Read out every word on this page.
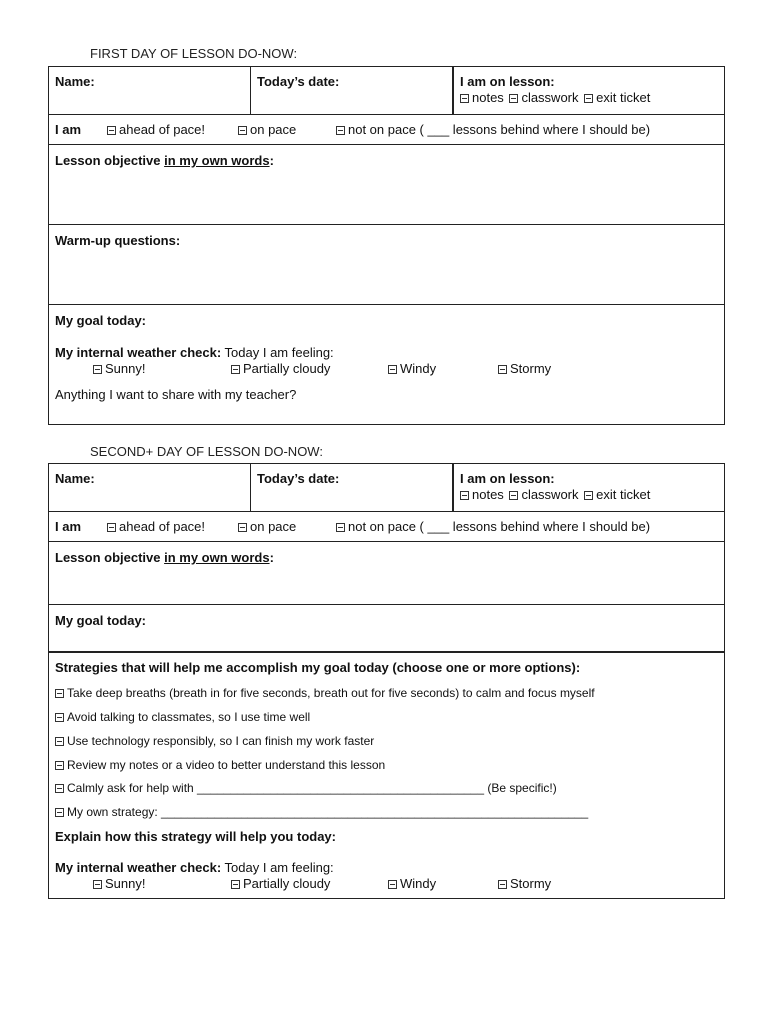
FIRST DAY OF LESSON DO-NOW:
Name:	Today’s date:	I am on lesson:
notes classwork exit ticket
I am	ahead of pace!	on pace	not on pace ( ___ lessons behind where I should be)
Lesson objective in my own words:
Warm-up questions:
My goal today:
My internal weather check: Today I am feeling:
Sunny!	Partially cloudy	Windy	Stormy
Anything I want to share with my teacher?
SECOND+ DAY OF LESSON DO-NOW:
Name:	Today’s date:	I am on lesson:
notes classwork exit ticket
I am	ahead of pace!	on pace	not on pace ( ___ lessons behind where I should be)
Lesson objective in my own words:
My goal today:
Strategies that will help me accomplish my goal today (choose one or more options):
Take deep breaths (breath in for five seconds, breath out for five seconds) to calm and focus myself
Avoid talking to classmates, so I use time well
Use technology responsibly, so I can finish my work faster
Review my notes or a video to better understand this lesson
Calmly ask for help with ___________________________________________ (Be specific!)
My own strategy: ________________________________________________________________
Explain how this strategy will help you today:
My internal weather check: Today I am feeling:
Sunny!	Partially cloudy	Windy	Stormy
